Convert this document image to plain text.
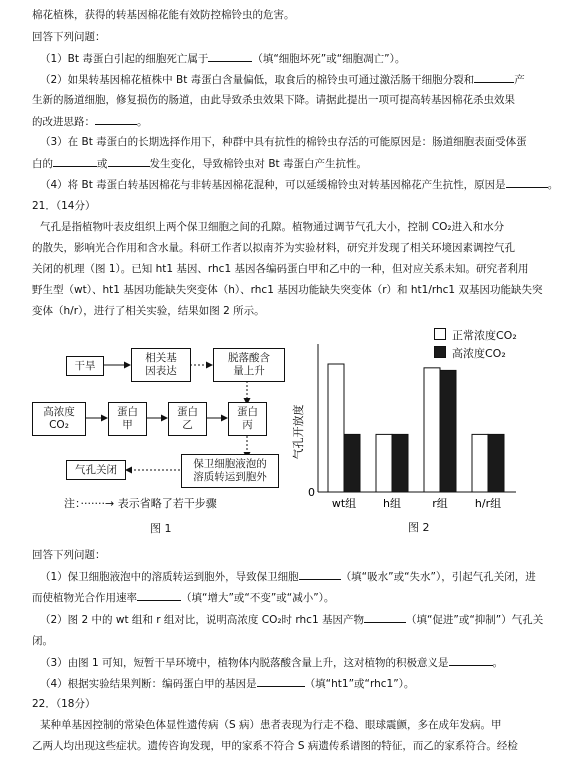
棉花植株，获得的转基因棉花能有效防控棉铃虫的危害。
回答下列问题：
（1）Bt 毒蛋白引起的细胞死亡属于	（填“细胞坏死”或“细胞凋亡”）。
（2）如果转基因棉花植株中 Bt 毒蛋白含量偏低，取食后的棉铃虫可通过激活肠干细胞分裂和	产
生新的肠道细胞，修复损伤的肠道，由此导致杀虫效果下降。请据此提出一项可提高转基因棉花杀虫效果
的改进思路：	。
（3）在 Bt 毒蛋白的长期选择作用下，种群中具有抗性的棉铃虫存活的可能原因是：肠道细胞表面受体蛋
白的	或	发生变化，导致棉铃虫对 Bt 毒蛋白产生抗性。
（4）将 Bt 毒蛋白转基因棉花与非转基因棉花混种，可以延缓棉铃虫对转基因棉花产生抗性，原因是	。
21．（14分）
气孔是指植物叶表皮组织上两个保卫细胞之间的孔隙。植物通过调节气孔大小，控制 CO₂进入和水分
的散失，影响光合作用和含水量。科研工作者以拟南芥为实验材料，研究并发现了相关环境因素调控气孔
关闭的机理（图 1）。已知 ht1 基因、rhc1 基因各编码蛋白甲和乙中的一种，但对应关系未知。研究者利用
野生型（wt）、ht1 基因功能缺失突变体（h）、rhc1 基因功能缺失突变体（r）和 ht1/rhc1 双基因功能缺失突
变体（h/r），进行了相关实验，结果如图 2 所示。
干旱
相关基
因表达
脱落酸含
量上升
高浓度
CO₂
蛋白
甲
蛋白
乙
蛋白
丙
气孔关闭	保卫细胞液泡的
溶质转运到胞外
注：·······→ 表示省略了若干步骤
图 1
气孔开放度
wt组 h组	r组 h/r组
0
正常浓度CO₂
高浓度CO₂
图 2
回答下列问题：
（1）保卫细胞液泡中的溶质转运到胞外，导致保卫细胞	（填“吸水”或“失水”），引起气孔关闭，进
而使植物光合作用速率	（填“增大”或“不变”或“减小”）。
（2）图 2 中的 wt 组和 r 组对比，说明高浓度 CO₂时 rhc1 基因产物	（填“促进”或“抑制”）气孔关
闭。
（3）由图 1 可知，短暂干旱环境中，植物体内脱落酸含量上升，这对植物的积极意义是	。
（4）根据实验结果判断：编码蛋白甲的基因是	（填“ht1”或“rhc1”）。
22．（18分）
某种单基因控制的常染色体显性遗传病（S 病）患者表现为行走不稳、眼球震颤，多在成年发病。甲
乙两人均出现这些症状。遗传咨询发现，甲的家系不符合 S 病遗传系谱图的特征，而乙的家系符合。经检
